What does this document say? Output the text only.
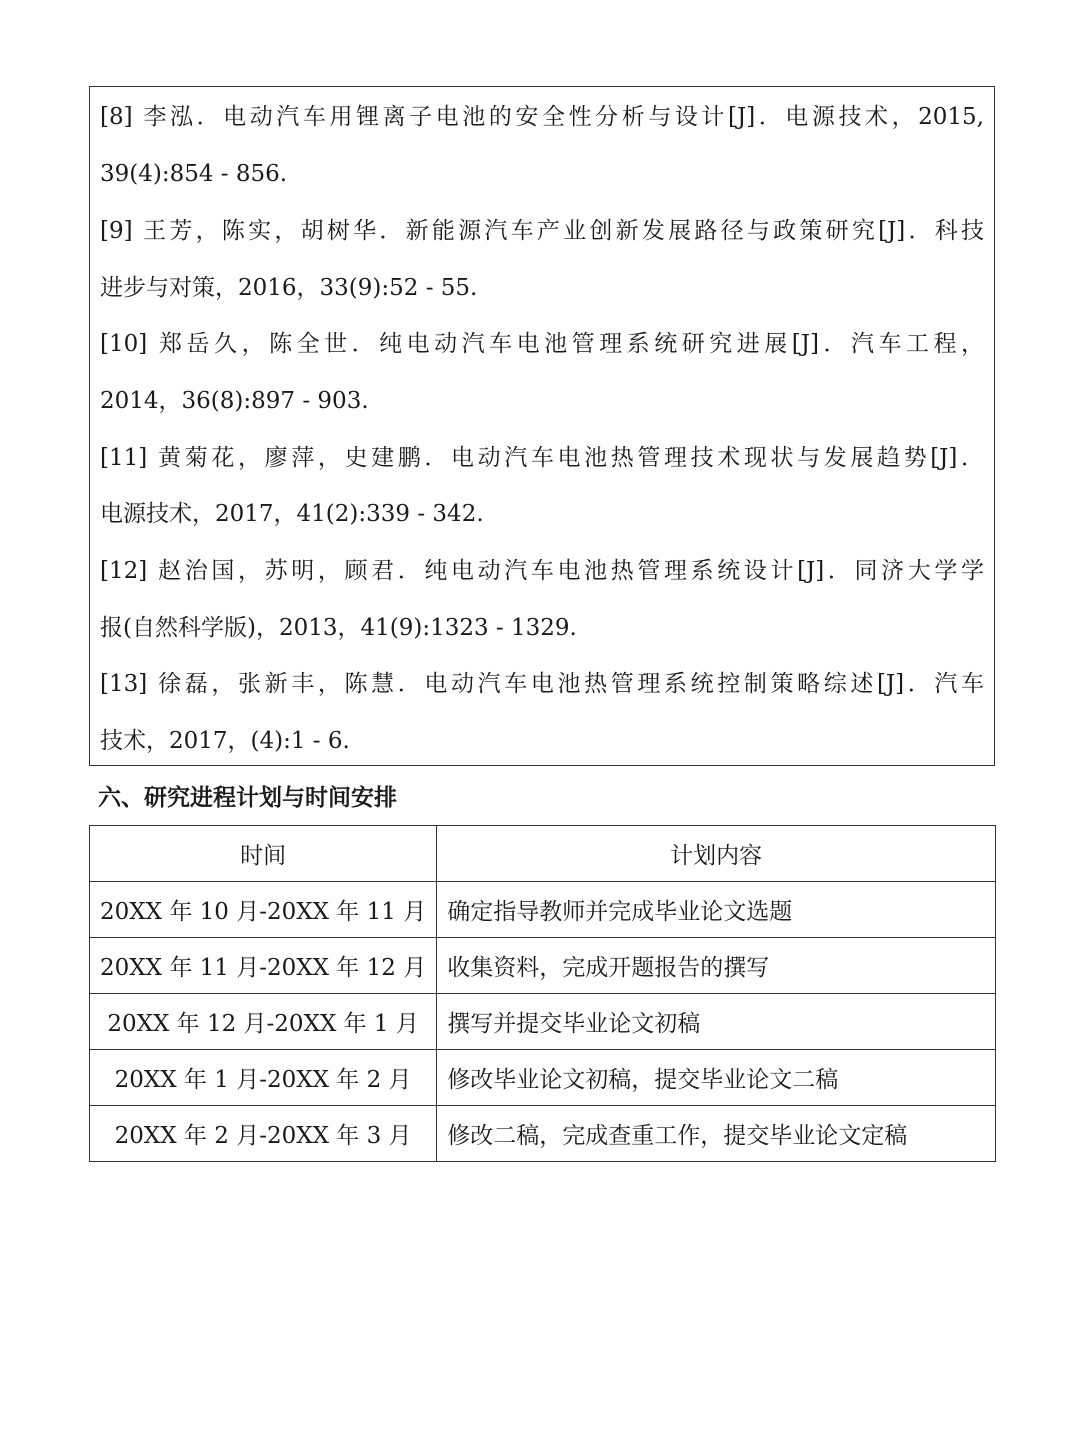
[8] 李泓．电动汽车用锂离子电池的安全性分析与设计[J]．电源技术，2015,
39(4):854 - 856.
[9] 王芳，陈实，胡树华．新能源汽车产业创新发展路径与政策研究[J]．科技
进步与对策，2016，33(9):52 - 55.
[10] 郑岳久，陈全世．纯电动汽车电池管理系统研究进展[J]．汽车工程，
2014，36(8):897 - 903.
[11] 黄菊花，廖萍，史建鹏．电动汽车电池热管理技术现状与发展趋势[J]．
电源技术，2017，41(2):339 - 342.
[12] 赵治国，苏明，顾君．纯电动汽车电池热管理系统设计[J]．同济大学学
报(自然科学版)，2013，41(9):1323 - 1329.
[13] 徐磊，张新丰，陈慧．电动汽车电池热管理系统控制策略综述[J]．汽车
技术，2017，(4):1 - 6.
六、研究进程计划与时间安排
时间	计划内容
20XX 年 10 月-20XX 年 11 月	确定指导教师并完成毕业论文选题
20XX 年 11 月-20XX 年 12 月	收集资料，完成开题报告的撰写
20XX 年 12 月-20XX 年 1 月	撰写并提交毕业论文初稿
20XX 年 1 月-20XX 年 2 月	修改毕业论文初稿，提交毕业论文二稿
20XX 年 2 月-20XX 年 3 月	修改二稿，完成查重工作，提交毕业论文定稿
